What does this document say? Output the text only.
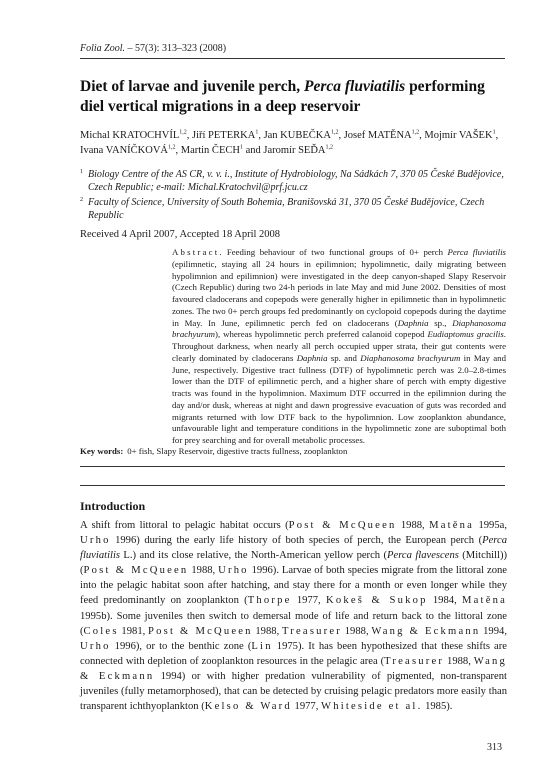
Folia Zool. – 57(3): 313–323 (2008)
Diet of larvae and juvenile perch, Perca fluviatilis performing diel vertical migrations in a deep reservoir
Michal KRATOCHVÍL$^{1,2}$, Jiří PETERKA$^1$, Jan KUBEČKA$^{1,2}$, Josef MATĚNA$^{1,2}$, Mojmír VAŠEK$^1$, Ivana VANÍČKOVÁ$^{1,2}$, Martin ČECH$^1$ and Jaromír SEĎA$^{1,2}$
1 Biology Centre of the AS CR, v. v. i., Institute of Hydrobiology, Na Sádkách 7, 370 05 České Budějovice, Czech Republic; e-mail: Michal.Kratochvil@prf.jcu.cz
2 Faculty of Science, University of South Bohemia, Branišovská 31, 370 05 České Budějovice, Czech Republic
Received 4 April 2007, Accepted 18 April 2008
Abstract. Feeding behaviour of two functional groups of 0+ perch Perca fluviatilis (epilimnetic, staying all 24 hours in epilimnion; hypolimnetic, daily migrating between hypolimnion and epilimnion) were investigated in the deep canyon-shaped Slapy Reservoir (Czech Republic) during two 24-h periods in late May and mid June 2002. Densities of most favoured cladocerans and copepods were generally higher in epilimnetic than in hypolimnetic zones. The two 0+ perch groups fed predominantly on cyclopoid copepods during the daytime in May. In June, epilimnetic perch fed on cladocerans (Daphnia sp., Diaphanosoma brachyurum), whereas hypolimnetic perch preferred calanoid copepod Eudiaptomus gracilis. Throughout darkness, when nearly all perch occupied upper strata, their gut contents were clearly dominated by cladocerans Daphnia sp. and Diaphanosoma brachyurum in May and June, respectively. Digestive tract fullness (DTF) of hypolimnetic perch was 2.0–2.8-times lower than the DTF of epilimnetic perch, and a higher share of perch with empty digestive tracts was found in the hypolimnion. Maximum DTF occurred in the epilimnion during the day and/or dusk, whereas at night and dawn progressive evacuation of guts was recorded and migrants returned with low DTF back to the hypolimnion. Low zooplankton abundance, unfavourable light and temperature conditions in the hypolimnetic zone are suboptimal both for prey searching and for overall metabolic processes.
Key words: 0+ fish, Slapy Reservoir, digestive tracts fullness, zooplankton
Introduction
A shift from littoral to pelagic habitat occurs (Post & McQueen 1988, Matěna 1995a, Urho 1996) during the early life history of both species of perch, the European perch (Perca fluviatilis L.) and its close relative, the North-American yellow perch (Perca flavescens (Mitchill)) (Post & McQueen 1988, Urho 1996). Larvae of both species migrate from the littoral zone into the pelagic habitat soon after hatching, and stay there for a month or even longer while they feed predominantly on zooplankton (Thorpe 1977, Kokeš & Sukop 1984, Matěna 1995b). Some juveniles then switch to demersal mode of life and return back to the littoral zone (Coles 1981, Post & McQueen 1988, Treasurer 1988, Wang & Eckmann 1994, Urho 1996), or to the benthic zone (Lin 1975). It has been hypothesized that these shifts are connected with depletion of zooplankton resources in the pelagic area (Treasurer 1988, Wang & Eckmann 1994) or with higher predation vulnerability of pigmented, non-transparent juveniles (fully metamorphosed), that can be detected by cruising pelagic predators more easily than transparent ichthyoplankton (Kelso & Ward 1977, Whiteside et al. 1985).
313
